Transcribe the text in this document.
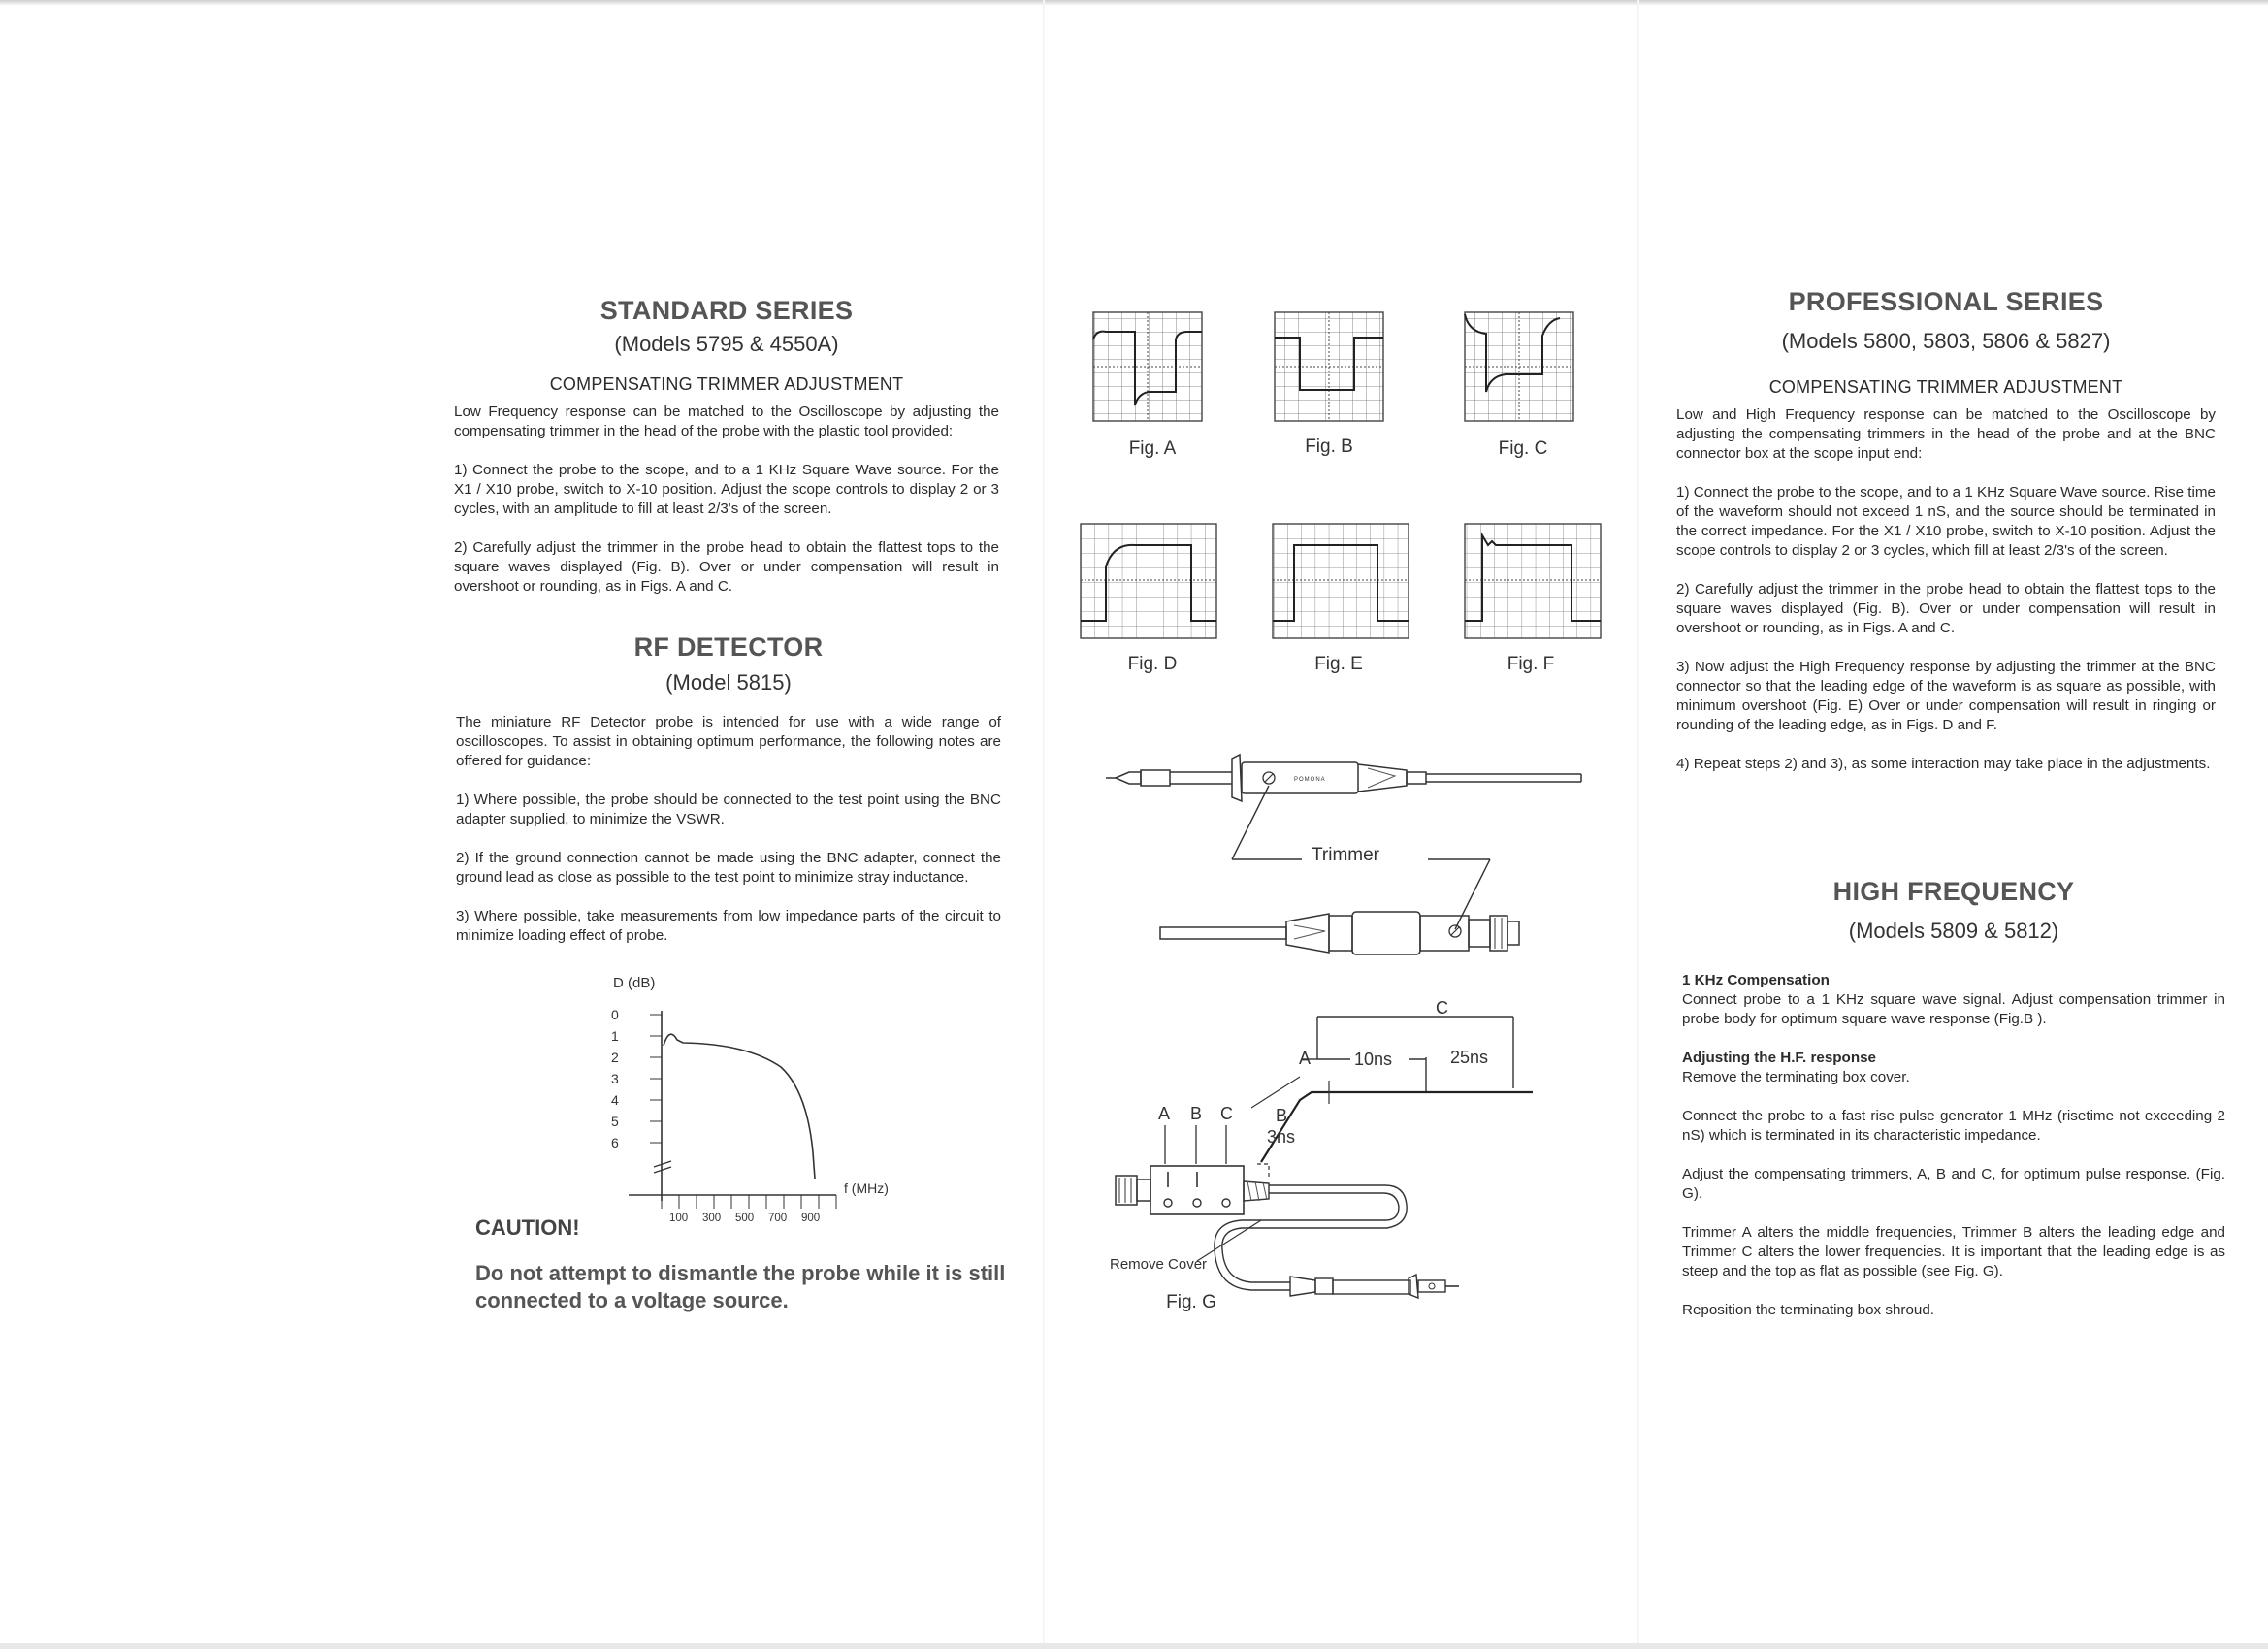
STANDARD SERIES
(Models 5795 & 4550A)
COMPENSATING TRIMMER ADJUSTMENT

Low Frequency response can be matched to the Oscilloscope by adjusting the compensating trimmer in the head of the probe with the plastic tool provided:

1) Connect the probe to the scope, and to a 1 KHz Square Wave source. For the X1 / X10 probe, switch to X-10 position. Adjust the scope controls to display 2 or 3 cycles, with an amplitude to fill at least 2/3's of the screen.

2) Carefully adjust the trimmer in the probe head to obtain the flattest tops to the square waves displayed (Fig. B). Over or under compensation will result in overshoot or rounding, as in Figs. A and C.

RF DETECTOR
(Model 5815)

The miniature RF Detector probe is intended for use with a wide range of oscilloscopes. To assist in obtaining optimum performance, the following notes are offered for guidance:

1) Where possible, the probe should be connected to the test point using the BNC adapter supplied, to minimize the VSWR.

2) If the ground connection cannot be made using the BNC adapter, connect the ground lead as close as possible to the test point to minimize stray inductance.

3) Where possible, take measurements from low impedance parts of the circuit to minimize loading effect of probe.

D (dB)
0
1
2
3
4
5
6
100 300 500 700 900
f (MHz)
CAUTION!
Do not attempt to dismantle the probe while it is still
connected to a voltage source.
Fig. A	Fig. B	Fig. C
Fig. D	Fig. E	Fig. F
POMONA
Trimmer
C
A 10ns	25ns
B
3ns
A B C
Remove Cover
Fig. G
PROFESSIONAL SERIES
(Models 5800, 5803, 5806 & 5827)
COMPENSATING TRIMMER ADJUSTMENT

Low and High Frequency response can be matched to the Oscilloscope by adjusting the compensating trimmers in the head of the probe and at the BNC connector box at the scope input end:

1) Connect the probe to the scope, and to a 1 KHz Square Wave source. Rise time of the waveform should not exceed 1 nS, and the source should be terminated in the correct impedance. For the X1 / X10 probe, switch to X-10 position. Adjust the scope controls to display 2 or 3 cycles, which fill at least 2/3's of the screen.

2) Carefully adjust the trimmer in the probe head to obtain the flattest tops to the square waves displayed (Fig. B). Over or under compensation will result in overshoot or rounding, as in Figs. A and C.

3) Now adjust the High Frequency response by adjusting the trimmer at the BNC connector so that the leading edge of the waveform is as square as possible, with minimum overshoot (Fig. E) Over or under compensation will result in ringing or rounding of the leading edge, as in Figs. D and F.

4) Repeat steps 2) and 3), as some interaction may take place in the adjustments.

HIGH FREQUENCY
(Models 5809 & 5812)

1 KHz Compensation

Connect probe to a 1 KHz square wave signal. Adjust compensation trimmer in probe body for optimum square wave response (Fig.B ).

Adjusting the H.F. response

Remove the terminating box cover.

Connect the probe to a fast rise pulse generator 1 MHz (risetime not exceeding 2 nS) which is terminated in its characteristic impedance.

Adjust the compensating trimmers, A, B and C, for optimum pulse response. (Fig. G).

Trimmer A alters the middle frequencies, Trimmer B alters the leading edge and Trimmer C alters the lower frequencies. It is important that the leading edge is as steep and the top as flat as possible (see Fig. G).

Reposition the terminating box shroud.
